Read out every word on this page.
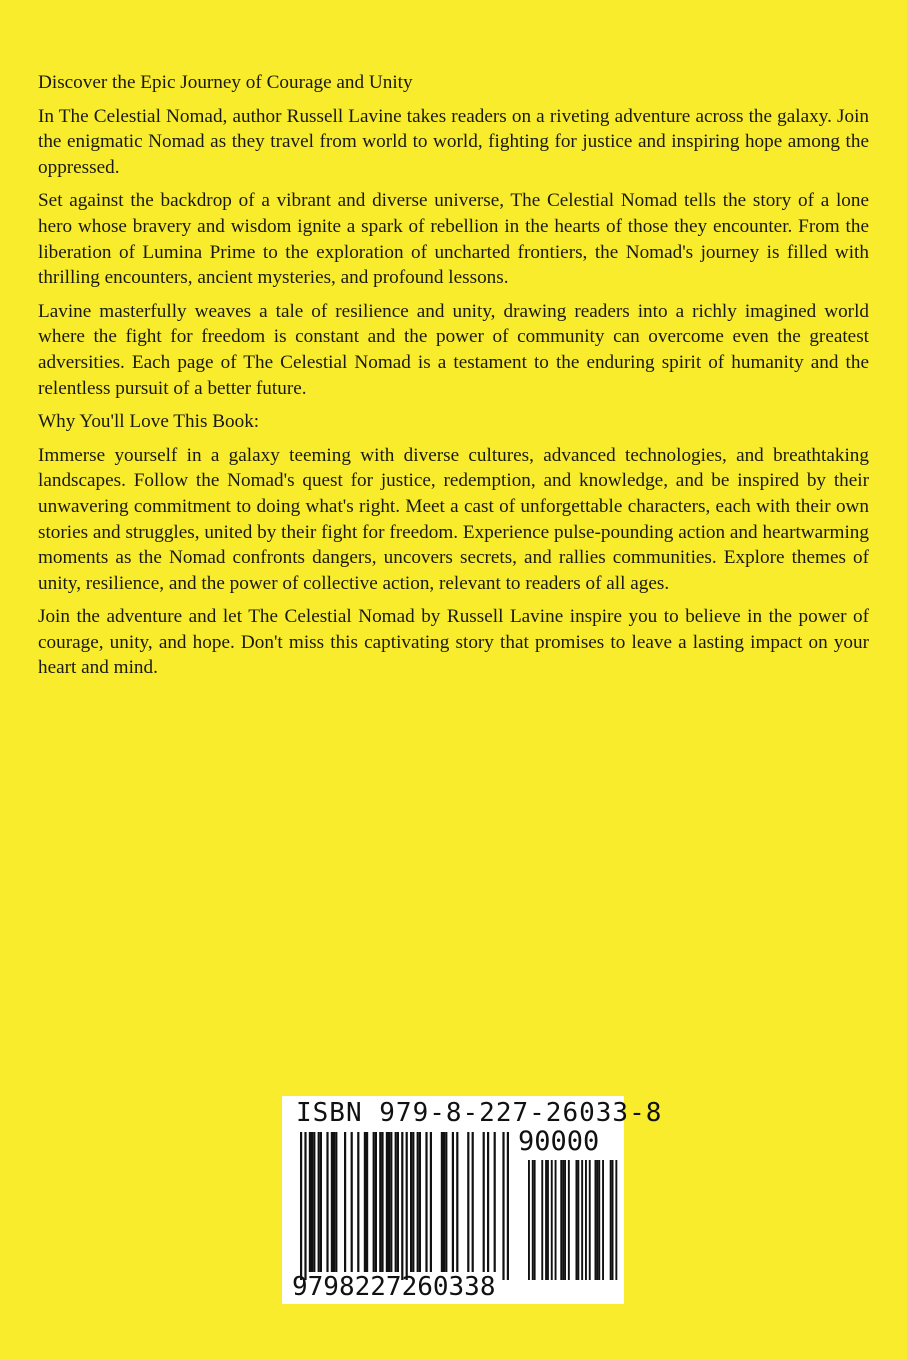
Discover the Epic Journey of Courage and Unity

In The Celestial Nomad, author Russell Lavine takes readers on a riveting adventure across the galaxy. Join the enigmatic Nomad as they travel from world to world, fighting for justice and inspiring hope among the oppressed.

Set against the backdrop of a vibrant and diverse universe, The Celestial Nomad tells the story of a lone hero whose bravery and wisdom ignite a spark of rebellion in the hearts of those they encounter. From the liberation of Lumina Prime to the exploration of uncharted frontiers, the Nomad's journey is filled with thrilling encounters, ancient mysteries, and profound lessons.

Lavine masterfully weaves a tale of resilience and unity, drawing readers into a richly imagined world where the fight for freedom is constant and the power of community can overcome even the greatest adversities. Each page of The Celestial Nomad is a testament to the enduring spirit of humanity and the relentless pursuit of a better future.

Why You'll Love This Book:

Immerse yourself in a galaxy teeming with diverse cultures, advanced technologies, and breathtaking landscapes. Follow the Nomad's quest for justice, redemption, and knowledge, and be inspired by their unwavering commitment to doing what's right. Meet a cast of unforgettable characters, each with their own stories and struggles, united by their fight for freedom. Experience pulse-pounding action and heartwarming moments as the Nomad confronts dangers, uncovers secrets, and rallies communities. Explore themes of unity, resilience, and the power of collective action, relevant to readers of all ages.

Join the adventure and let The Celestial Nomad by Russell Lavine inspire you to believe in the power of courage, unity, and hope. Don't miss this captivating story that promises to leave a lasting impact on your heart and mind.

ISBN 979-8-227-26033-8
90000
9798227260338
